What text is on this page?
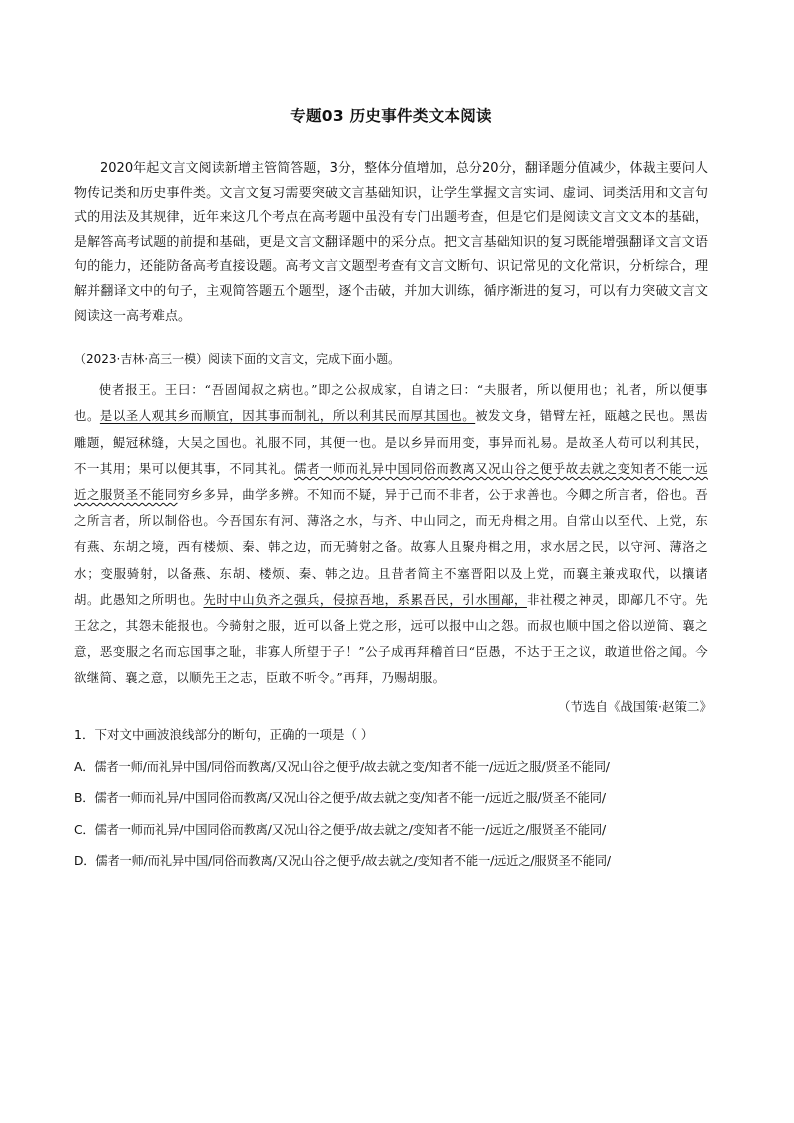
专题03 历史事件类文本阅读

2020年起文言文阅读新增主管简答题，3分，整体分值增加，总分20分，翻译题分值减少，体裁主要问人物传记类和历史事件类。文言文复习需要突破文言基础知识，让学生掌握文言实词、虚词、词类活用和文言句式的用法及其规律，近年来这几个考点在高考题中虽没有专门出题考查，但是它们是阅读文言文文本的基础，是解答高考试题的前提和基础，更是文言文翻译题中的采分点。把文言基础知识的复习既能增强翻译文言文语句的能力，还能防备高考直接设题。高考文言文题型考查有文言文断句、识记常见的文化常识，分析综合，理解并翻译文中的句子，主观简答题五个题型，逐个击破，并加大训练，循序渐进的复习，可以有力突破文言文阅读这一高考难点。

（2023·吉林·高三一模）阅读下面的文言文，完成下面小题。

使者报王。王曰：“吾固闻叔之病也。”即之公叔成家，自请之曰：“夫服者，所以便用也；礼者，所以便事也。是以圣人观其乡而顺宜，因其事而制礼，所以利其民而厚其国也。被发文身，错臂左衽，瓯越之民也。黑齿雕题，鳀冠秫缝，大吴之国也。礼服不同，其便一也。是以乡异而用变，事异而礼易。是故圣人苟可以利其民，不一其用；果可以便其事，不同其礼。儒者一师而礼异中国同俗而教离又况山谷之便乎故去就之变知者不能一远近之服贤圣不能同穷乡多异，曲学多辨。不知而不疑，异于己而不非者，公于求善也。今卿之所言者，俗也。吾之所言者，所以制俗也。今吾国东有河、薄洛之水，与齐、中山同之，而无舟楫之用。自常山以至代、上党，东有燕、东胡之境，西有楼烦、秦、韩之边，而无骑射之备。故寡人且聚舟楫之用，求水居之民，以守河、薄洛之水；变服骑射，以备燕、东胡、楼烦、秦、韩之边。且昔者简主不塞晋阳以及上党，而襄主兼戎取代，以攘诸胡。此愚知之所明也。先时中山负齐之强兵，侵掠吾地，系累吾民，引水围鄗，非社稷之神灵，即鄗几不守。先王忿之，其怨未能报也。今骑射之服，近可以备上党之形，远可以报中山之怨。而叔也顺中国之俗以逆简、襄之意，恶变服之名而忘国事之耻，非寡人所望于子！”公子成再拜稽首曰“臣愚，不达于王之议，敢道世俗之闻。今欲继简、襄之意，以顺先王之志，臣敢不听令。”再拜，乃赐胡服。

（节选自《战国策·赵策二》

1．下对文中画波浪线部分的断句，正确的一项是（ ）

A．儒者一师/而礼异中国/同俗而教离/又况山谷之便乎/故去就之变/知者不能一/远近之服/贤圣不能同/
B．儒者一师而礼异/中国同俗而教离/又况山谷之便乎/故去就之变/知者不能一/远近之服/贤圣不能同/
C．儒者一师而礼异/中国同俗而教离/又况山谷之便乎/故去就之/变知者不能一/远近之/服贤圣不能同/
D．儒者一师/而礼异中国/同俗而教离/又况山谷之便乎/故去就之/变知者不能一/远近之/服贤圣不能同/
